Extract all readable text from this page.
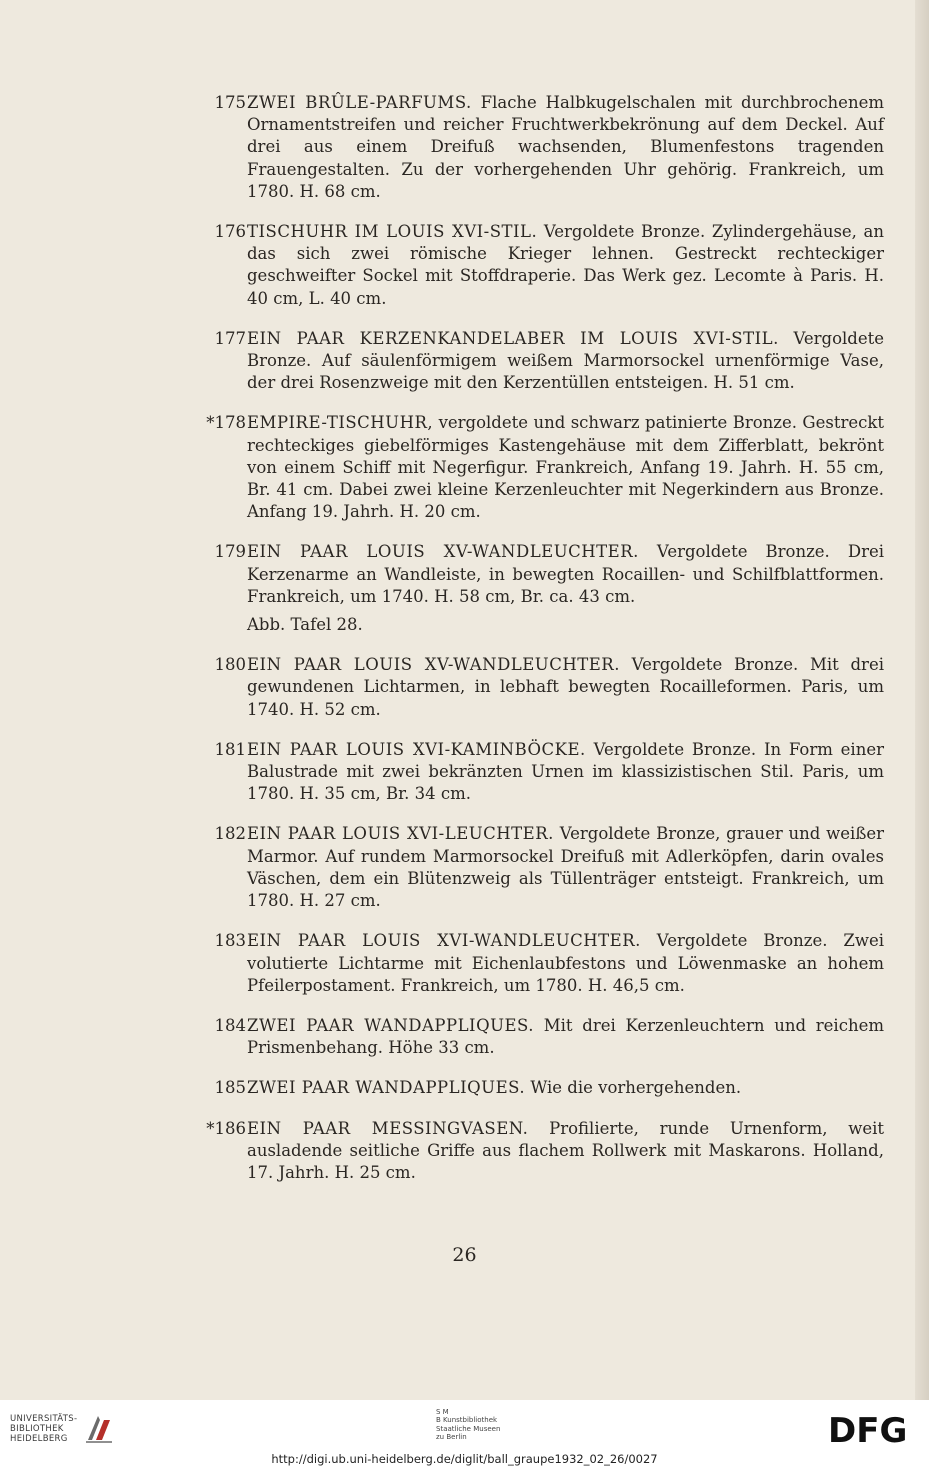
175 ZWEI BRÛLE-PARFUMS. Flache Halbkugelschalen mit durchbrochenem Ornamentstreifen und reicher Fruchtwerkbekrönung auf dem Deckel. Auf drei aus einem Dreifuß wachsenden, Blumenfestons tragenden Frauengestalten. Zu der vorhergehenden Uhr gehörig. Frankreich, um 1780. H. 68 cm.
176 TISCHUHR IM LOUIS XVI-STIL. Vergoldete Bronze. Zylindergehäuse, an das sich zwei römische Krieger lehnen. Gestreckt rechteckiger geschweifter Sockel mit Stoffdraperie. Das Werk gez. Lecomte à Paris. H. 40 cm, L. 40 cm.
177 EIN PAAR KERZENKANDELABER IM LOUIS XVI-STIL. Vergoldete Bronze. Auf säulenförmigem weißem Marmorsockel urnenförmige Vase, der drei Rosenzweige mit den Kerzentüllen entsteigen. H. 51 cm.
*178 EMPIRE-TISCHUHR, vergoldete und schwarz patinierte Bronze. Gestreckt rechteckiges giebelförmiges Kastengehäuse mit dem Zifferblatt, bekrönt von einem Schiff mit Negerfigur. Frankreich, Anfang 19. Jahrh. H. 55 cm, Br. 41 cm. Dabei zwei kleine Kerzenleuchter mit Negerkindern aus Bronze. Anfang 19. Jahrh. H. 20 cm.
179 EIN PAAR LOUIS XV-WANDLEUCHTER. Vergoldete Bronze. Drei Kerzenarme an Wandleiste, in bewegten Rocaillen- und Schilfblattformen. Frankreich, um 1740. H. 58 cm, Br. ca. 43 cm.
Abb. Tafel 28.
180 EIN PAAR LOUIS XV-WANDLEUCHTER. Vergoldete Bronze. Mit drei gewundenen Lichtarmen, in lebhaft bewegten Rocailleformen. Paris, um 1740. H. 52 cm.
181 EIN PAAR LOUIS XVI-KAMINBÖCKE. Vergoldete Bronze. In Form einer Balustrade mit zwei bekränzten Urnen im klassizistischen Stil. Paris, um 1780. H. 35 cm, Br. 34 cm.
182 EIN PAAR LOUIS XVI-LEUCHTER. Vergoldete Bronze, grauer und weißer Marmor. Auf rundem Marmorsockel Dreifuß mit Adlerköpfen, darin ovales Väschen, dem ein Blütenzweig als Tüllenträger entsteigt. Frankreich, um 1780. H. 27 cm.
183 EIN PAAR LOUIS XVI-WANDLEUCHTER. Vergoldete Bronze. Zwei volutierte Lichtarme mit Eichenlaubfestons und Löwenmaske an hohem Pfeilerpostament. Frankreich, um 1780. H. 46,5 cm.
184 ZWEI PAAR WANDAPPLIQUES. Mit drei Kerzenleuchtern und reichem Prismenbehang. Höhe 33 cm.
185 ZWEI PAAR WANDAPPLIQUES. Wie die vorhergehenden.
*186 EIN PAAR MESSINGVASEN. Profilierte, runde Urnenform, weit ausladende seitliche Griffe aus flachem Rollwerk mit Maskarons. Holland, 17. Jahrh. H. 25 cm.
26
UNIVERSITÄTS-
BIBLIOTHEK
HEIDELBERG
S M
B Kunstbibliothek
Staatliche Museen
zu Berlin	DFG
http://digi.ub.uni-heidelberg.de/diglit/ball_graupe1932_02_26/0027
